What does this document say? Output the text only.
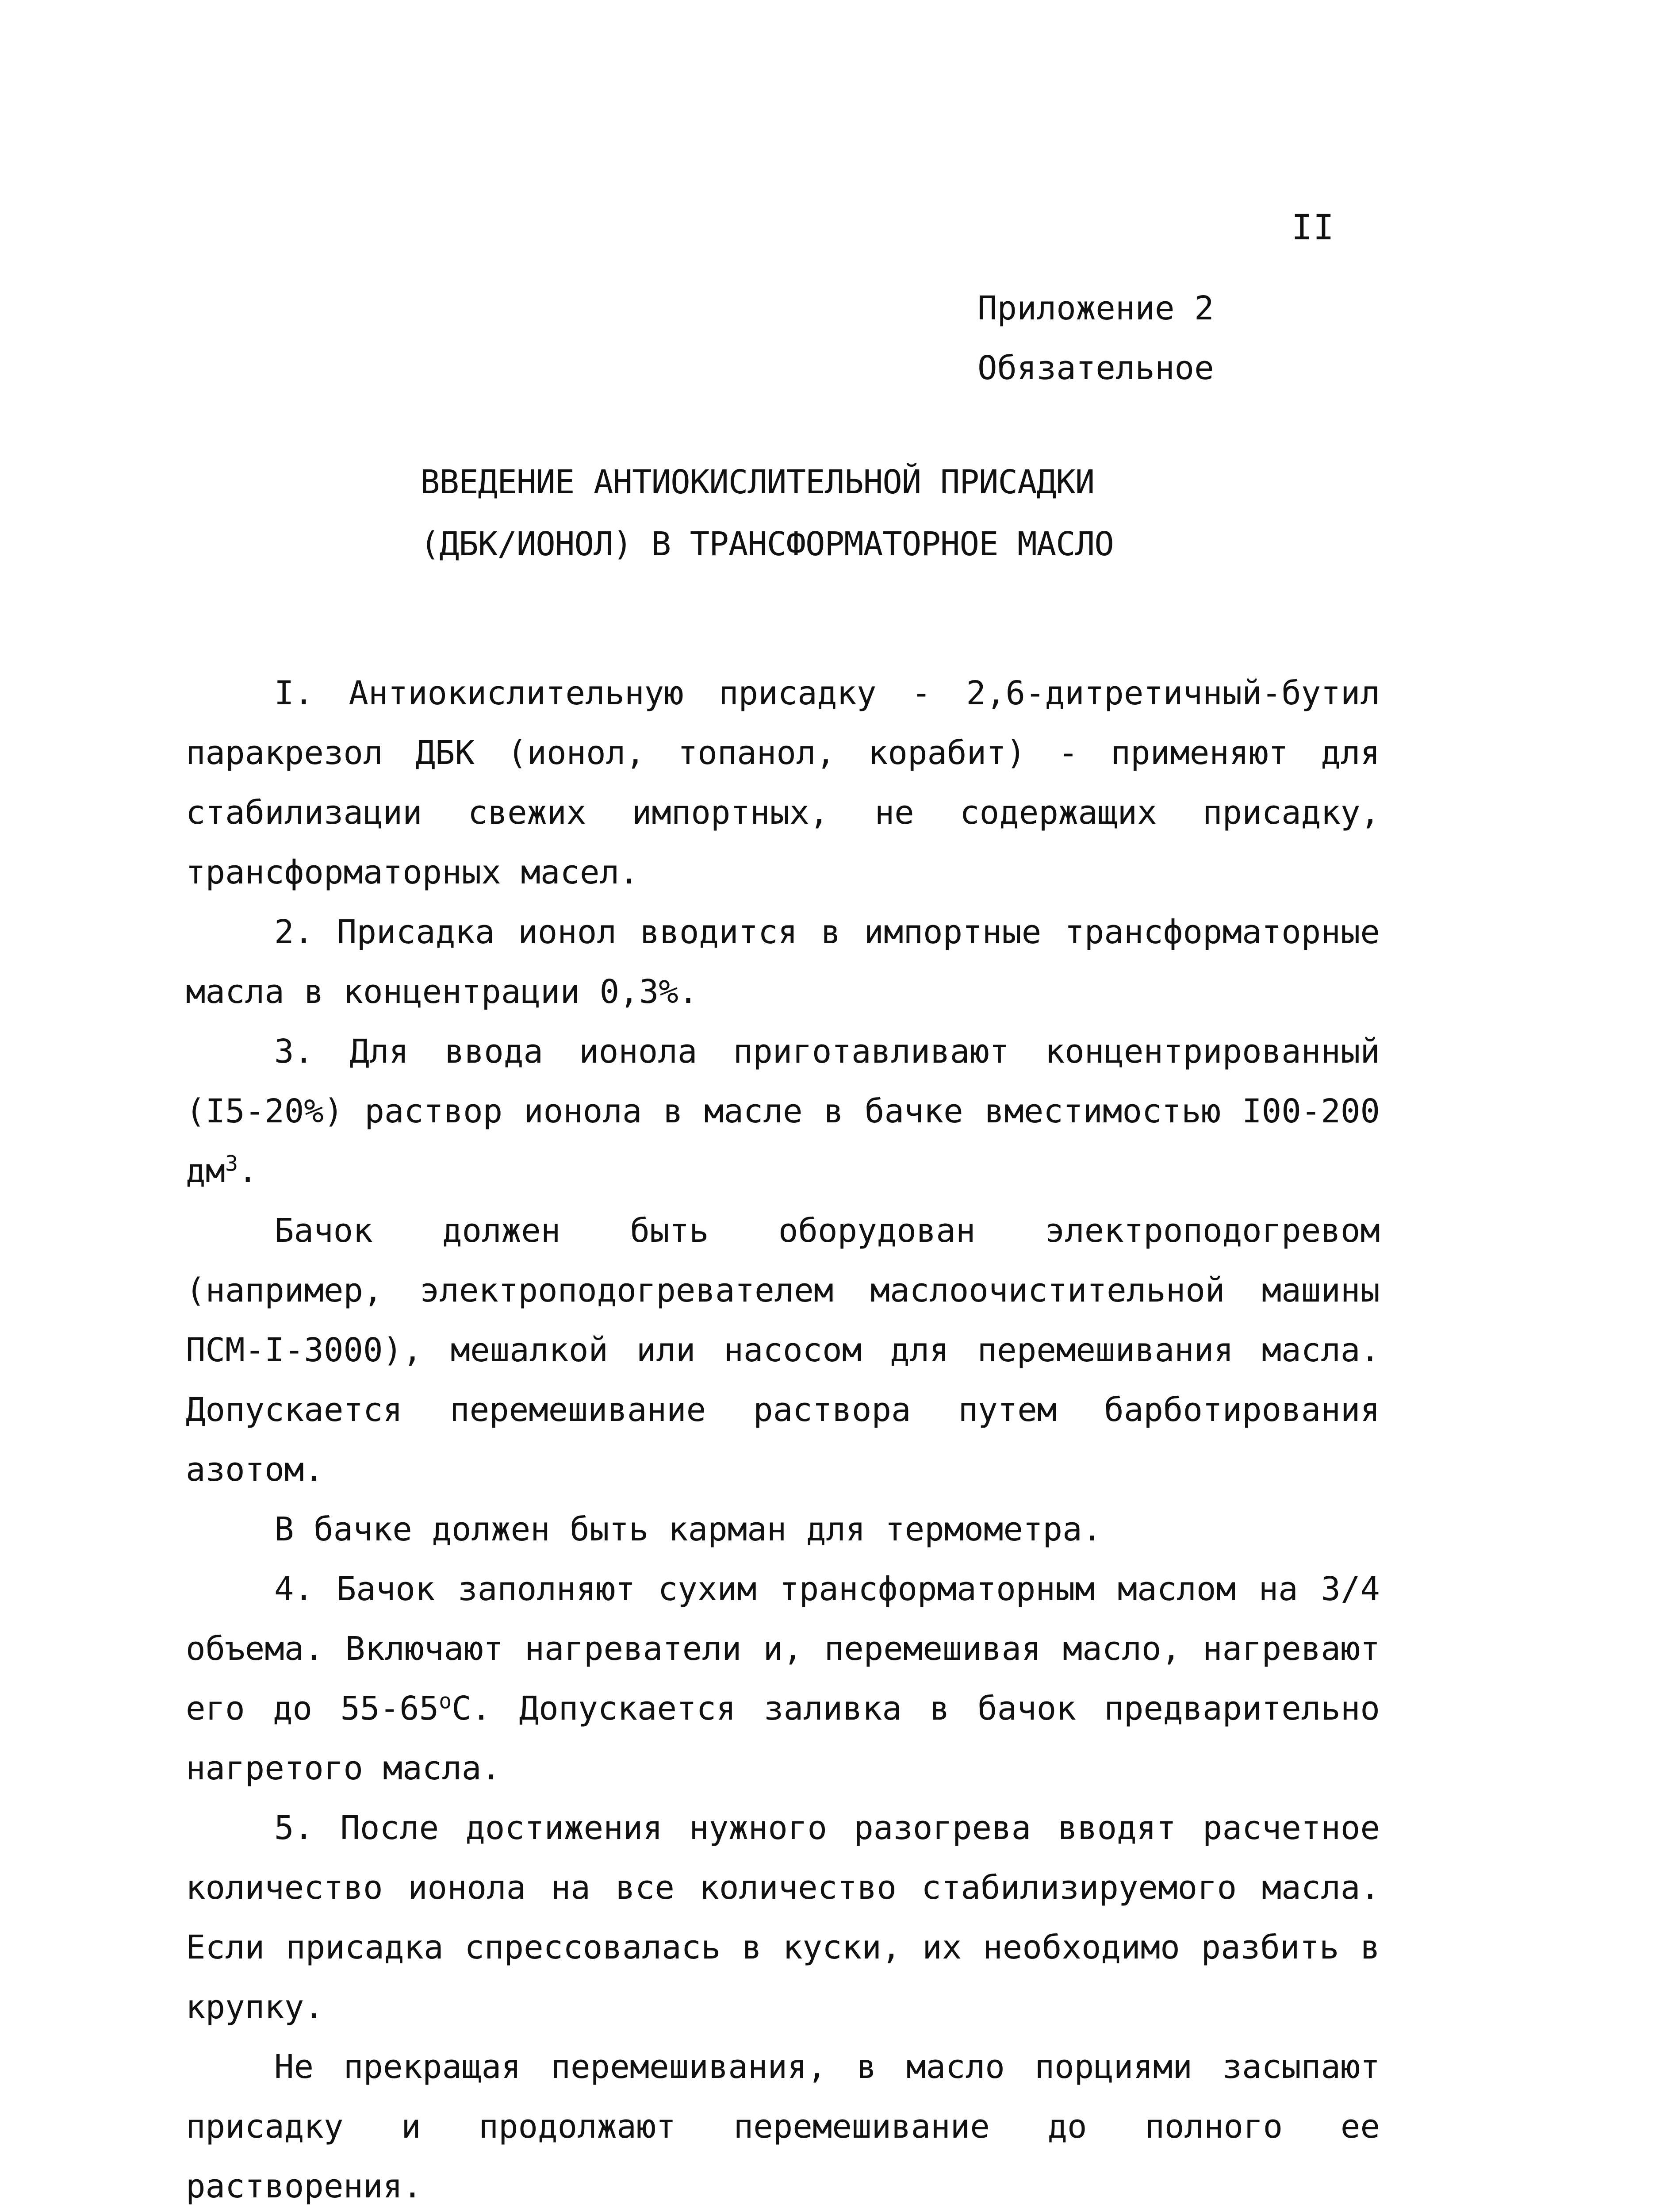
II
Приложение 2
Обязательное
ВВЕДЕНИЕ АНТИОКИСЛИТЕЛЬНОЙ ПРИСАДКИ
(ДБК/ИОНОЛ) В ТРАНСФОРМАТОРНОЕ МАСЛО

I. Антиокислительную присадку - 2,6-дитретичный-бутил паракрезол ДБК (ионол, топанол, корабит) - применяют для стабилизации свежих импортных, не содержащих присадку, трансформаторных масел.

2. Присадка ионол вводится в импортные трансформаторные масла в концентрации 0,3%.

3. Для ввода ионола приготавливают концентрированный (I5-20%) раствор ионола в масле в бачке вместимостью I00-200 $дм^3$.

Бачок должен быть оборудован электроподогревом (например, электроподогревателем маслоочистительной машины ПСМ-I-3000), мешалкой или насосом для перемешивания масла. Допускается перемешивание раствора путем барботирования азотом.

В бачке должен быть карман для термометра.

4. Бачок заполняют сухим трансформаторным маслом на 3/4 объема. Включают нагреватели и, перемешивая масло, нагревают его до $55-65^оС$. Допускается заливка в бачок предварительно нагретого масла.

5. После достижения нужного разогрева вводят расчетное количество ионола на все количество стабилизируемого масла. Если присадка спрессовалась в куски, их необходимо разбить в крупку.

Не прекращая перемешивания, в масло порциями засыпают присадку и продолжают перемешивание до полного ее растворения.
